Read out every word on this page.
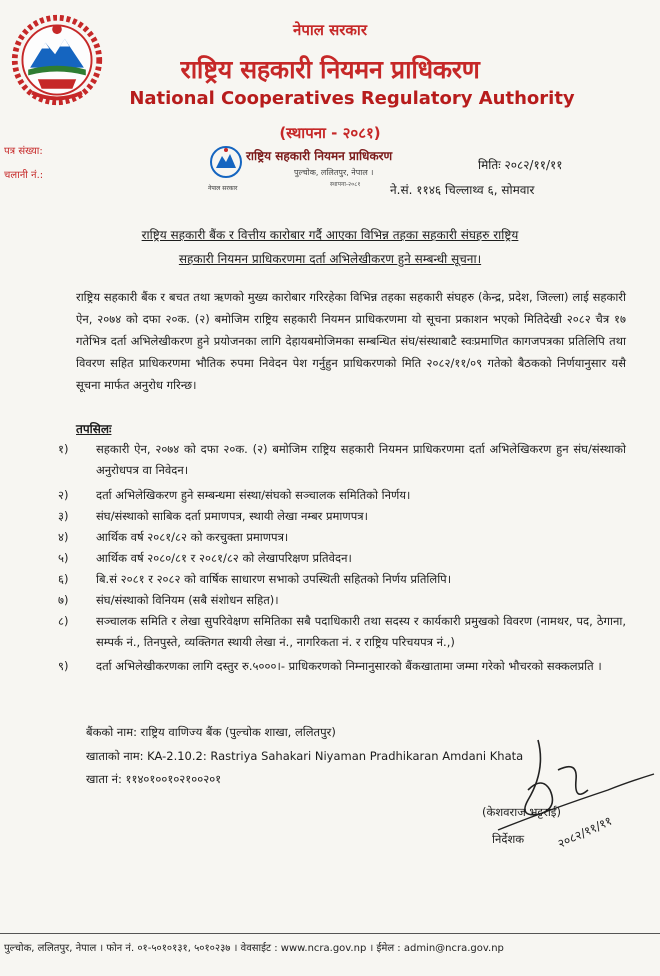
नेपाल सरकार
राष्ट्रिय सहकारी नियमन प्राधिकरण
National Cooperatives Regulatory Authority
(स्थापना - २०८१)
पत्र संख्या:
चलानी नं.:
नेपाल सरकार
राष्ट्रिय सहकारी नियमन प्राधिकरण
पुल्चोक, ललितपुर, नेपाल ।
स्थापना-२०८१
मितिः २०८२/११/११
ने.सं. ११४६ चिल्लाथ्व ६, सोमवार
राष्ट्रिय सहकारी बैंक र वित्तीय कारोबार गर्दै आएका विभिन्न तहका सहकारी संघहरु राष्ट्रिय
सहकारी नियमन प्राधिकरणमा दर्ता अभिलेखीकरण हुने सम्बन्धी सूचना।
राष्ट्रिय सहकारी बैंक र बचत तथा ऋणको मुख्य कारोबार गरिरहेका विभिन्न तहका सहकारी संघहरु (केन्द्र, प्रदेश, जिल्ला) लाई सहकारी ऐन, २०७४ को दफा २०क. (२) बमोजिम राष्ट्रिय सहकारी नियमन प्राधिकरणमा यो सूचना प्रकाशन भएको मितिदेखी २०८२ चैत्र १७ गतेभित्र दर्ता अभिलेखीकरण हुने प्रयोजनका लागि देहायबमोजिमका सम्बन्धित संघ/संस्थाबाटै स्वःप्रमाणित कागजपत्रका प्रतिलिपि तथा विवरण सहित प्राधिकरणमा भौतिक रुपमा निवेदन पेश गर्नुहुन प्राधिकरणको मिति २०८२/११/०९ गतेको बैठकको निर्णयानुसार यसै सूचना मार्फत अनुरोध गरिन्छ।
तपसिलः
१)	सहकारी ऐन, २०७४ को दफा २०क. (२) बमोजिम राष्ट्रिय सहकारी नियमन प्राधिकरणमा दर्ता अभिलेखिकरण हुन संघ/संस्थाको अनुरोधपत्र वा निवेदन।
२)	दर्ता अभिलेखिकरण हुने सम्बन्धमा संस्था/संघको सञ्चालक समितिको निर्णय।
३)	संघ/संस्थाको साबिक दर्ता प्रमाणपत्र, स्थायी लेखा नम्बर प्रमाणपत्र।
४)	आर्थिक वर्ष २०८१/८२ को करचुक्ता प्रमाणपत्र।
५)	आर्थिक वर्ष २०८०/८१ र २०८१/८२ को लेखापरिक्षण प्रतिवेदन।
६)	बि.सं २०८१ र २०८२ को वार्षिक साधारण सभाको उपस्थिती सहितको निर्णय प्रतिलिपि।
७)	संघ/संस्थाको विनियम (सबै संशोधन सहित)।
८)	सञ्चालक समिति र लेखा सुपरिवेक्षण समितिका सबै पदाधिकारी तथा सदस्य र कार्यकारी प्रमुखको विवरण (नामथर, पद, ठेगाना, सम्पर्क नं., तिनपुस्ते, व्यक्तिगत स्थायी लेखा नं., नागरिकता नं. र राष्ट्रिय परिचयपत्र नं.,)
९)	दर्ता अभिलेखीकरणका लागि दस्तुर रु.५०००।- प्राधिकरणको निम्नानुसारको बैंकखातामा जम्मा गरेको भौचरको सक्कलप्रति ।
बैंकको नाम: राष्ट्रिय वाणिज्य बैंक (पुल्चोक शाखा, ललितपुर)
खाताको नाम: KA-2.10.2: Rastriya Sahakari Niyaman Pradhikaran Amdani Khata
खाता नं: ११४०१००१०२१००२०१
२०८२/११/११
(केशवराज भट्टराई)
निर्देशक
पुल्चोक, ललितपुर, नेपाल । फोन नं. ०१-५०१०१३१, ५०१०२३७ । वेवसाईट : www.ncra.gov.np । ईमेल : admin@ncra.gov.np
